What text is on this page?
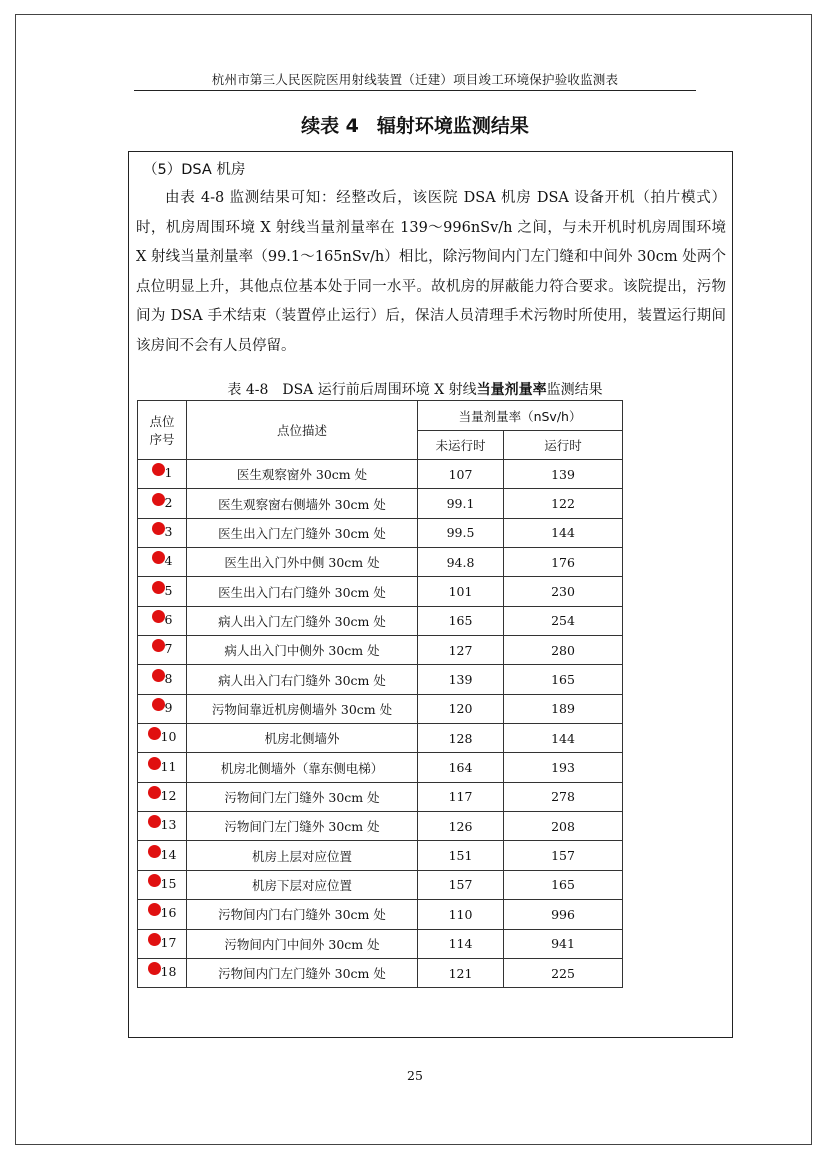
杭州市第三人民医院医用射线装置（迁建）项目竣工环境保护验收监测表
续表 4 辐射环境监测结果
（5）DSA 机房

由表 4-8 监测结果可知：经整改后，该医院 DSA 机房 DSA 设备开机（拍片模式）时，机房周围环境 X 射线当量剂量率在 139～996nSv/h 之间，与未开机时机房周围环境 X 射线当量剂量率（99.1～165nSv/h）相比，除污物间内门左门缝和中间外 30cm 处两个点位明显上升，其他点位基本处于同一水平。故机房的屏蔽能力符合要求。该院提出，污物间为 DSA 手术结束（装置停止运行）后，保洁人员清理手术污物时所使用，装置运行期间该房间不会有人员停留。

表 4-8　DSA 运行前后周围环境 X 射线当量剂量率监测结果
点位
序号	点位描述	当量剂量率（nSv/h）	
		未运行时	运行时

1	医生观察窗外 30cm 处	107	139

2	医生观察窗右侧墙外 30cm 处	99.1	122

3	医生出入门左门缝外 30cm 处	99.5	144

4	医生出入门外中侧 30cm 处	94.8	176

5	医生出入门右门缝外 30cm 处	101	230

6	病人出入门左门缝外 30cm 处	165	254

7	病人出入门中侧外 30cm 处	127	280

8	病人出入门右门缝外 30cm 处	139	165

9	污物间靠近机房侧墙外 30cm 处	120	189

10	机房北侧墙外	128	144

11	机房北侧墙外（靠东侧电梯）	164	193

12	污物间门左门缝外 30cm 处	117	278

13	污物间门左门缝外 30cm 处	126	208

14	机房上层对应位置	151	157

15	机房下层对应位置	157	165

16	污物间内门右门缝外 30cm 处	110	996

17	污物间内门中间外 30cm 处	114	941

18	污物间内门左门缝外 30cm 处	121	225
25
